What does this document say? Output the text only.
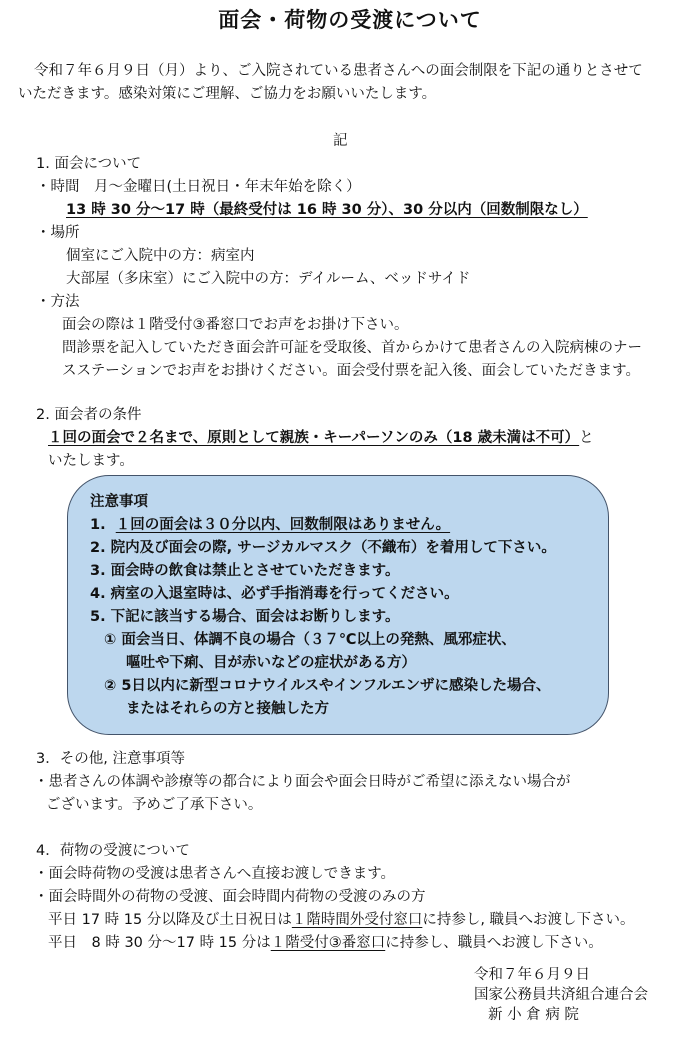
面会・荷物の受渡について
令和７年６月９日（月）より、ご入院されている患者さんへの面会制限を下記の通りとさせて
いただきます。感染対策にご理解、ご協力をお願いいたします。
記
1. 面会について
・時間　月～金曜日(土日祝日・年末年始を除く）
13 時 30 分～17 時（最終受付は 16 時 30 分）、30 分以内（回数制限なし）
・場所
個室にご入院中の方：病室内
大部屋（多床室）にご入院中の方：デイルーム、ベッドサイド
・方法
面会の際は１階受付③番窓口でお声をお掛け下さい。
問診票を記入していただき面会許可証を受取後、首からかけて患者さんの入院病棟のナー
スステーションでお声をお掛けください。面会受付票を記入後、面会していただきます。
2. 面会者の条件
１回の面会で２名まで、原則として親族・キーパーソンのみ（18 歳未満は不可）と
いたします。
注意事項
1. １回の面会は３０分以内、回数制限はありません。
2. 院内及び面会の際, サージカルマスク（不織布）を着用して下さい。
3. 面会時の飲食は禁止とさせていただきます。
4. 病室の入退室時は、必ず手指消毒を行ってください。
5. 下記に該当する場合、面会はお断りします。
① 面会当日、体調不良の場合（３７℃以上の発熱、風邪症状、
嘔吐や下痢、目が赤いなどの症状がある方）
② 5日以内に新型コロナウイルスやインフルエンザに感染した場合、
またはそれらの方と接触した方
3．その他, 注意事項等
・患者さんの体調や診療等の都合により面会や面会日時がご希望に添えない場合が
ございます。予めご了承下さい。
4．荷物の受渡について
・面会時荷物の受渡は患者さんへ直接お渡しできます。
・面会時間外の荷物の受渡、面会時間内荷物の受渡のみの方
平日 17 時 15 分以降及び土日祝日は１階時間外受付窓口に持参し, 職員へお渡し下さい。
平日　8 時 30 分～17 時 15 分は１階受付③番窓口に持参し、職員へお渡し下さい。
令和７年６月９日
国家公務員共済組合連合会
新 小 倉 病 院
